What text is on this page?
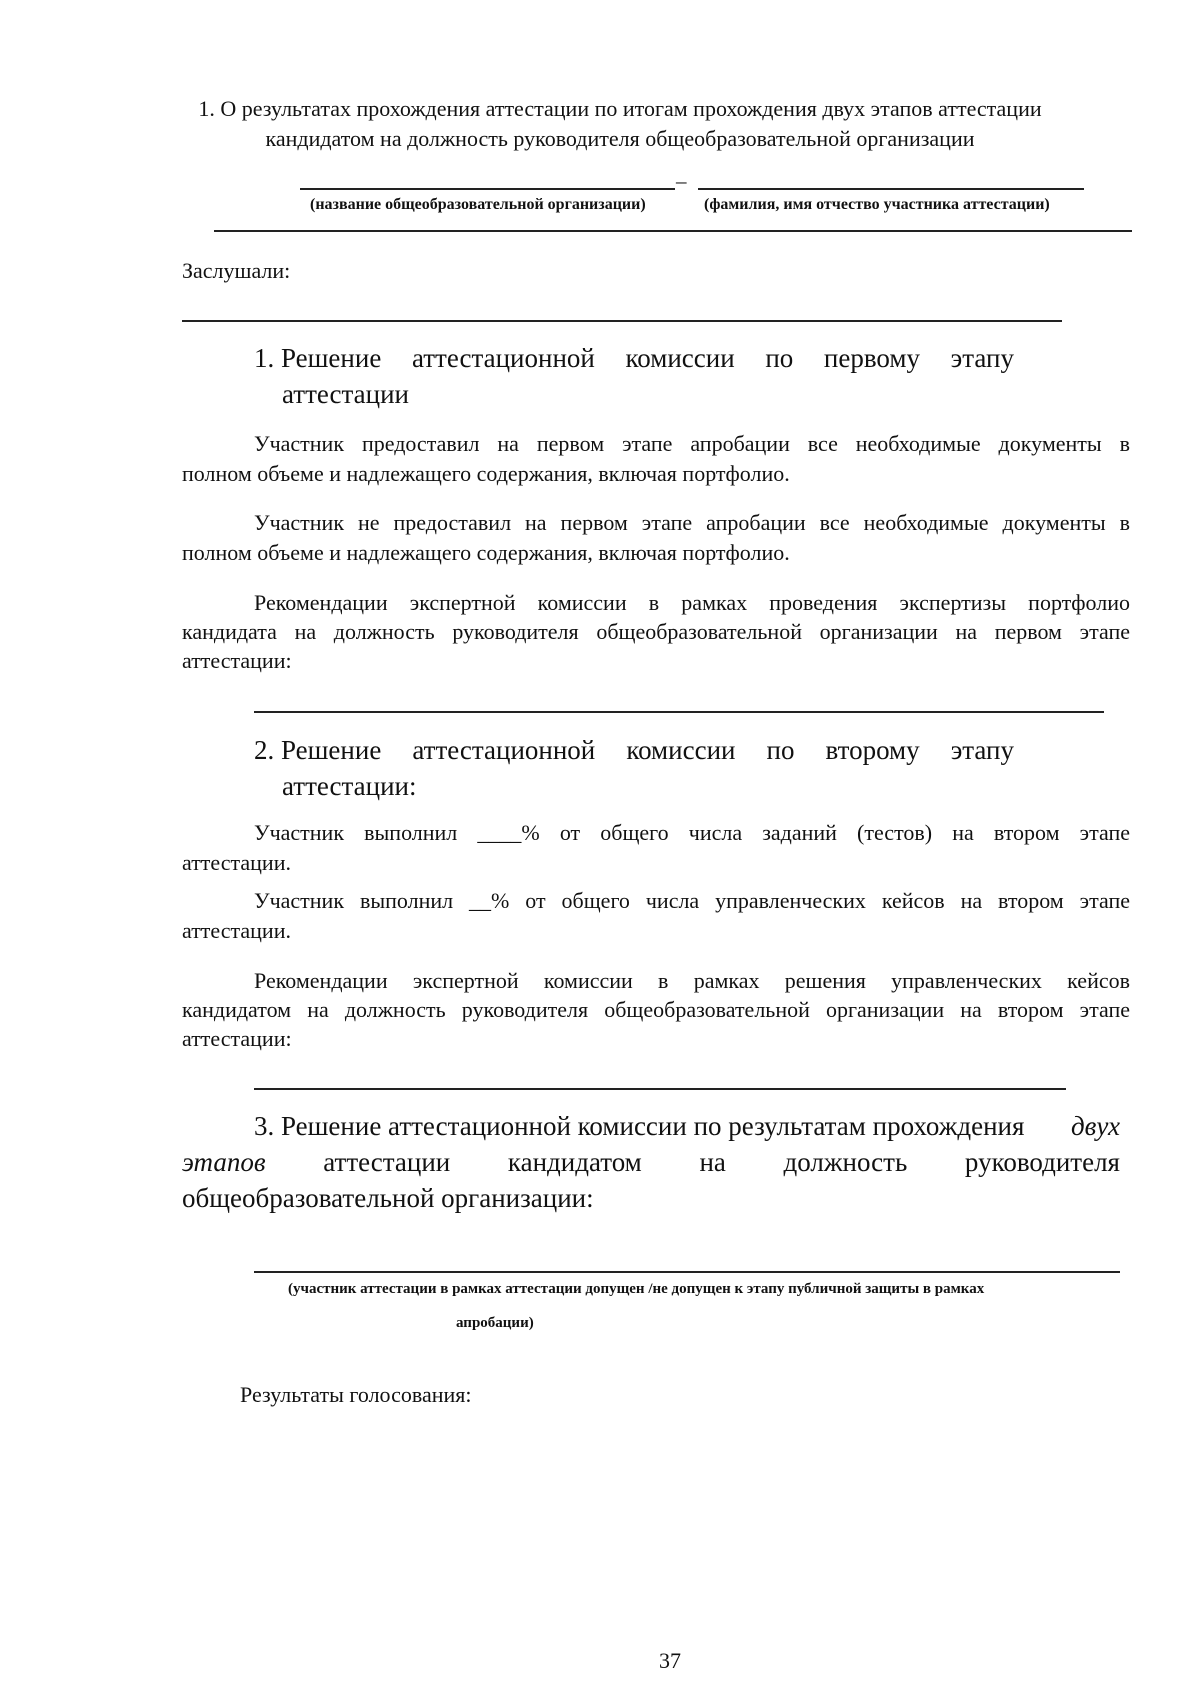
1. О результатах прохождения аттестации по итогам прохождения двух этапов аттестации
кандидатом на должность руководителя общеобразовательной организации
–
(название общеобразовательной организации)	(фамилия, имя отчество участника аттестации)
Заслушали:
1. Решение аттестационной комиссии по первому этапу
аттестации
Участник предоставил на первом этапе апробации все необходимые документы в
полном объеме и надлежащего содержания, включая портфолио.
Участник не предоставил на первом этапе апробации все необходимые документы в
полном объеме и надлежащего содержания, включая портфолио.
Рекомендации экспертной комиссии в рамках проведения экспертизы портфолио
кандидата на должность руководителя общеобразовательной организации на первом этапе
аттестации:
2. Решение аттестационной комиссии по второму этапу
аттестации:
Участник выполнил ____% от общего числа заданий (тестов) на втором этапе
аттестации.
Участник выполнил __% от общего числа управленческих кейсов на втором этапе
аттестации.
Рекомендации экспертной комиссии в рамках решения управленческих кейсов
кандидатом на должность руководителя общеобразовательной организации на втором этапе
аттестации:
3. Решение аттестационной комиссии по результатам прохождения двух
этапов аттестации кандидатом на должность руководителя
общеобразовательной организации:
(участник аттестации в рамках аттестации допущен /не допущен к этапу публичной защиты в рамках
апробации)
Результаты голосования:
37
